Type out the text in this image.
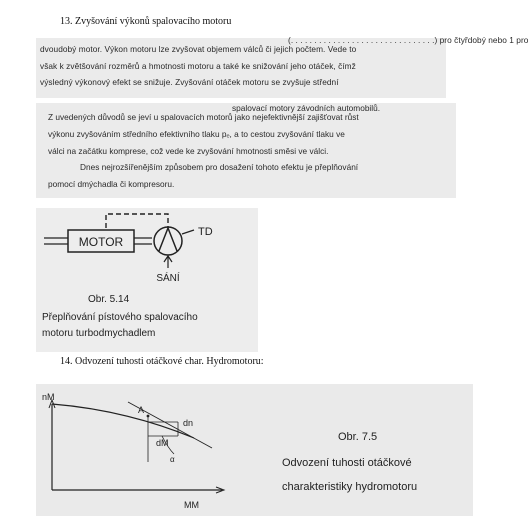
13. Zvyšování výkonů spalovacího motoru

(. . . . . . . . . . . . . . . . . . . . . . . . . . . . . . .) pro čtyřdobý nebo 1 pro

dvoudobý motor. Výkon motoru lze zvyšovat objemem válců či jejich počtem. Vede to

však k zvětšování rozměrů a hmotnosti motoru a také ke snižování jeho otáček, čímž

výsledný výkonový efekt se snižuje. Zvyšování otáček motoru se zvyšuje střední

spalovací motory závodních automobilů.

Z uvedených důvodů se jeví u spalovacích motorů jako nejefektivnější zajišťovat růst

výkonu zvyšováním středního efektivního tlaku pₑ, a to cestou zvyšování tlaku ve

válci na začátku komprese, což vede ke zvyšování hmotnosti směsi ve válci.

Dnes nejrozšířenějším způsobem pro dosažení tohoto efektu je přeplňování

pomocí dmýchadla či kompresoru.

MOTOR
TD
SÁNÍ
Obr. 5.14
Přeplňování pístového spalovacího
motoru turbodmychadlem
14. Odvození tuhosti otáčkové char. Hydromotoru:
nM
MM
A
dn
dM
α
Obr. 7.5
Odvození tuhosti otáčkové
charakteristiky hydromotoru
